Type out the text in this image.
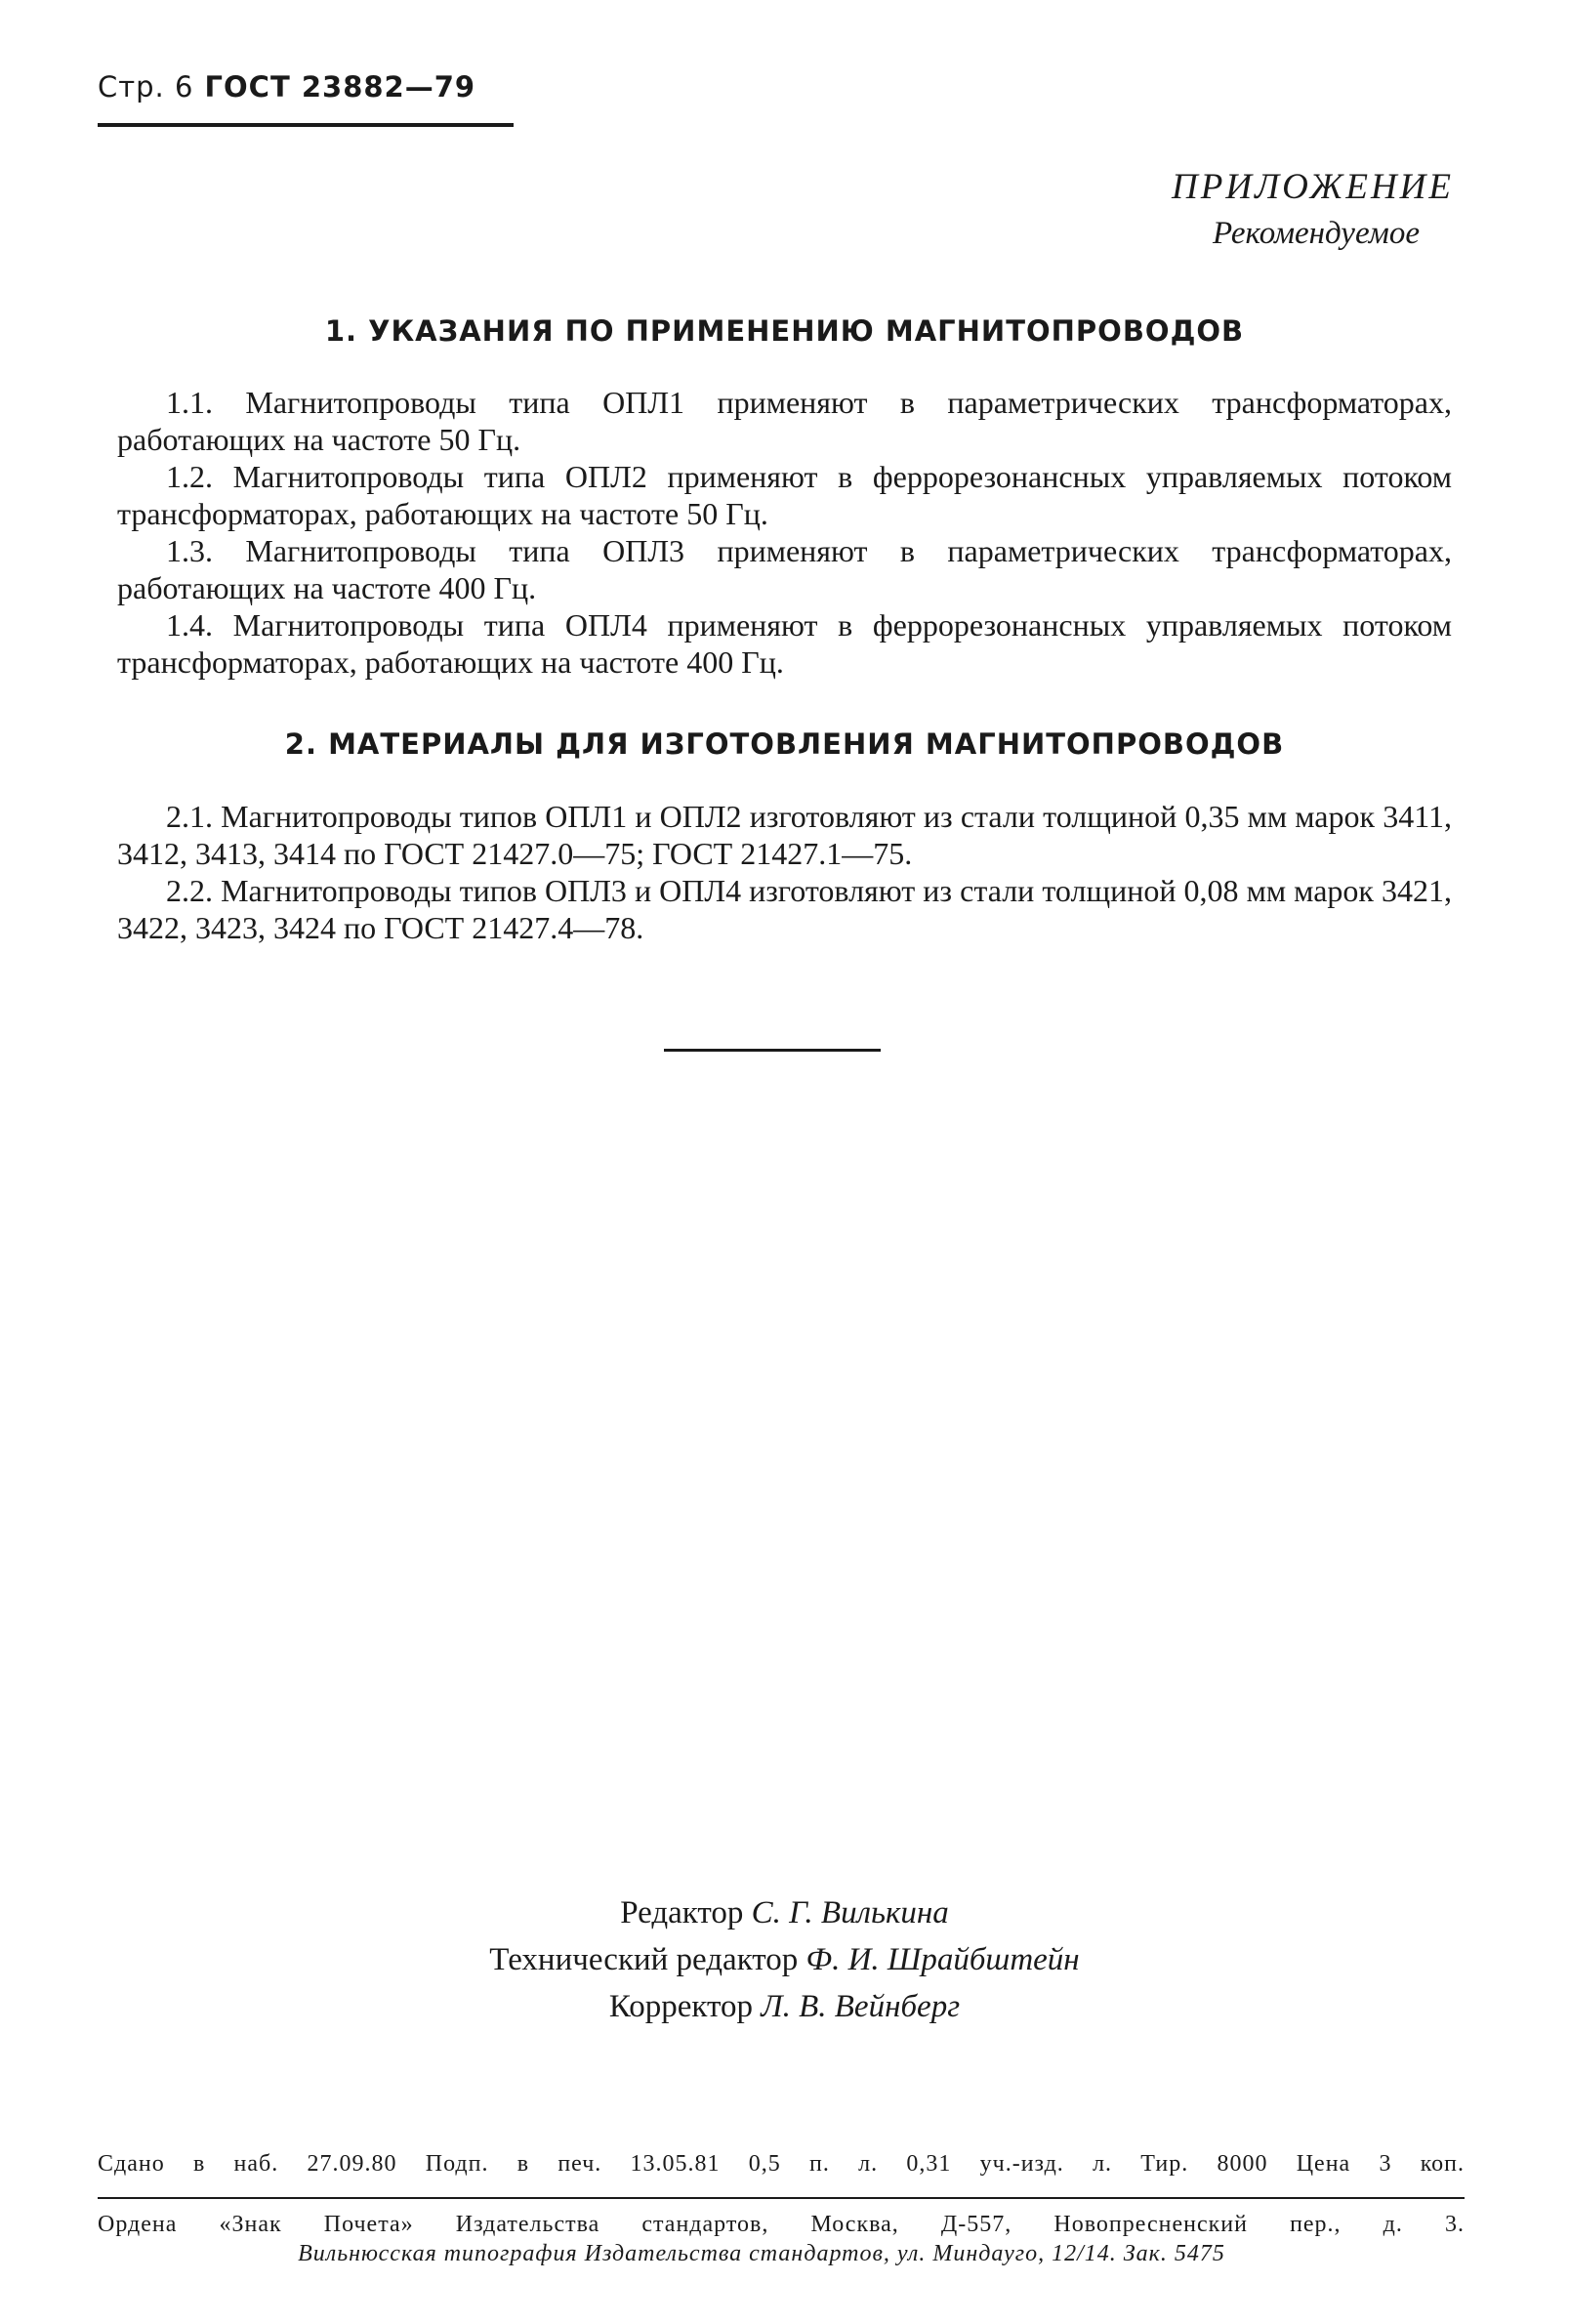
Стр. 6 ГОСТ 23882—79
ПРИЛОЖЕНИЕ
Рекомендуемое
1. УКАЗАНИЯ ПО ПРИМЕНЕНИЮ МАГНИТОПРОВОДОВ

1.1. Магнитопроводы типа ОПЛ1 применяют в параметрических трансформаторах, работающих на частоте 50 Гц.

1.2. Магнитопроводы типа ОПЛ2 применяют в феррорезонансных управляемых потоком трансформаторах, работающих на частоте 50 Гц.

1.3. Магнитопроводы типа ОПЛ3 применяют в параметрических трансформаторах, работающих на частоте 400 Гц.

1.4. Магнитопроводы типа ОПЛ4 применяют в феррорезонансных управляемых потоком трансформаторах, работающих на частоте 400 Гц.

2. МАТЕРИАЛЫ ДЛЯ ИЗГОТОВЛЕНИЯ МАГНИТОПРОВОДОВ

2.1. Магнитопроводы типов ОПЛ1 и ОПЛ2 изготовляют из стали толщиной 0,35 мм марок 3411, 3412, 3413, 3414 по ГОСТ 21427.0—75; ГОСТ 21427.1—75.

2.2. Магнитопроводы типов ОПЛ3 и ОПЛ4 изготовляют из стали толщиной 0,08 мм марок 3421, 3422, 3423, 3424 по ГОСТ 21427.4—78.

Редактор С. Г. Вилькина
Технический редактор Ф. И. Шрайбштейн
Корректор Л. В. Вейнберг
Сдано в наб. 27.09.80 Подп. в печ. 13.05.81 0,5 п. л. 0,31 уч.-изд. л. Тир. 8000 Цена 3 коп.
Ордена «Знак Почета» Издательства стандартов, Москва, Д-557, Новопресненский пер., д. 3.
Вильнюсская типография Издательства стандартов, ул. Миндауго, 12/14. Зак. 5475
